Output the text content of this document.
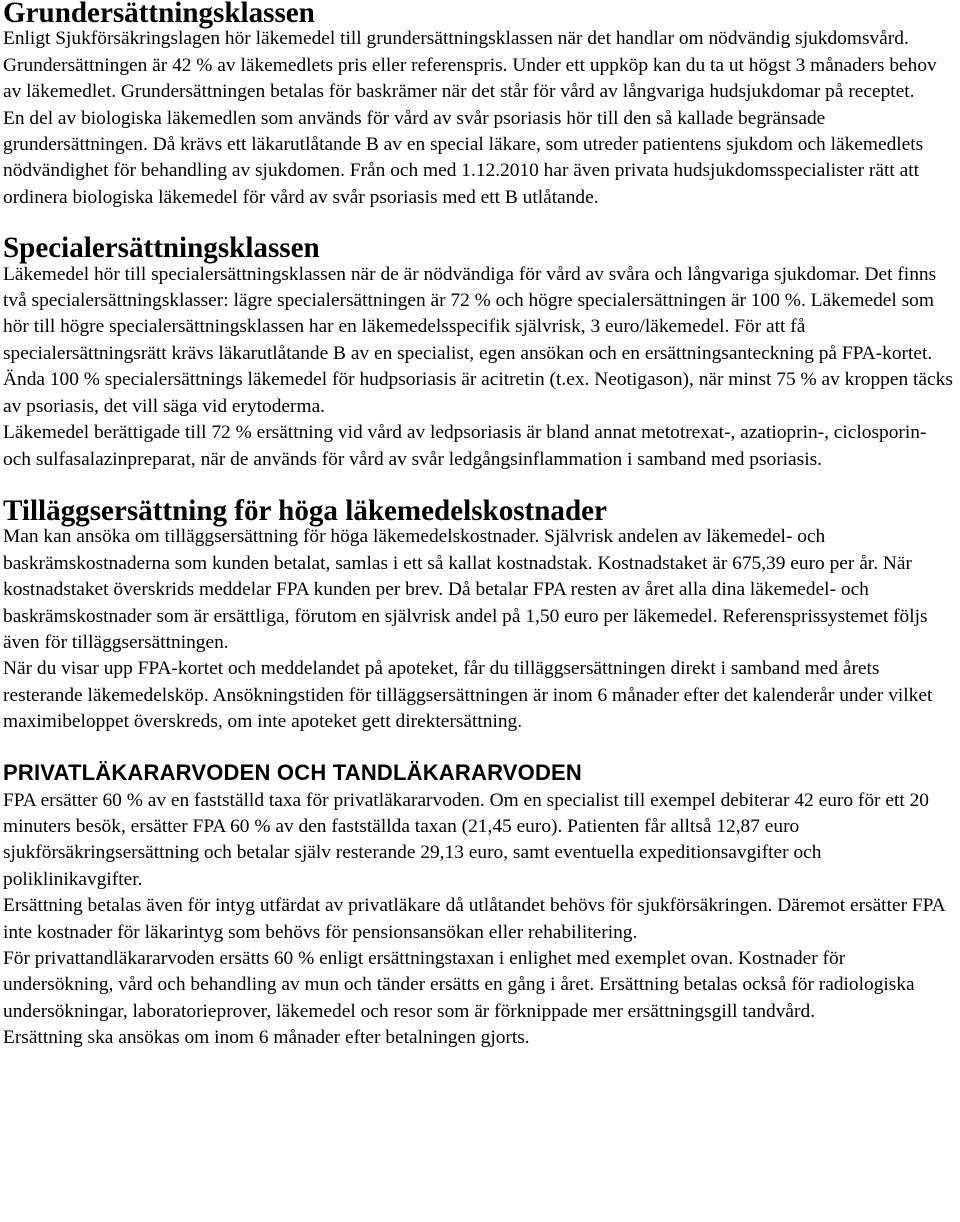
Grundersättningsklassen

Enligt Sjukförsäkringslagen hör läkemedel till grundersättningsklassen när det handlar om nödvändig sjukdomsvård. Grundersättningen är 42 % av läkemedlets pris eller referenspris. Under ett uppköp kan du ta ut högst 3 månaders behov av läkemedlet. Grundersättningen betalas för baskrämer när det står för vård av långvariga hudsjukdomar på receptet.

En del av biologiska läkemedlen som används för vård av svår psoriasis hör till den så kallade begränsade grundersättningen. Då krävs ett läkarutlåtande B av en special läkare, som utreder patientens sjukdom och läkemedlets nödvändighet för behandling av sjukdomen. Från och med 1.12.2010 har även privata hudsjukdomsspecialister rätt att ordinera biologiska läkemedel för vård av svår psoriasis med ett B utlåtande.

Specialersättningsklassen

Läkemedel hör till specialersättningsklassen när de är nödvändiga för vård av svåra och långvariga sjukdomar. Det finns två specialersättningsklasser: lägre specialersättningen är 72 % och högre specialersättningen är 100 %. Läkemedel som hör till högre specialersättningsklassen har en läkemedelsspecifik självrisk, 3 euro/läkemedel. För att få specialersättningsrätt krävs läkarutlåtande B av en specialist, egen ansökan och en ersättningsanteckning på FPA-kortet.

Ända 100 % specialersättnings läkemedel för hudpsoriasis är acitretin (t.ex. Neotigason), när minst 75 % av kroppen täcks av psoriasis, det vill säga vid erytoderma.

Läkemedel berättigade till 72 % ersättning vid vård av ledpsoriasis är bland annat metotrexat-, azatioprin-, ciclosporin- och sulfasalazinpreparat, när de används för vård av svår ledgångsinflammation i samband med psoriasis.

Tilläggsersättning för höga läkemedelskostnader

Man kan ansöka om tilläggsersättning för höga läkemedelskostnader. Självrisk andelen av läkemedel- och baskrämskostnaderna som kunden betalat, samlas i ett så kallat kostnadstak. Kostnadstaket är 675,39 euro per år. När kostnadstaket överskrids meddelar FPA kunden per brev. Då betalar FPA resten av året alla dina läkemedel- och baskrämskostnader som är ersättliga, förutom en självrisk andel på 1,50 euro per läkemedel. Referensprissystemet följs även för tilläggsersättningen.

När du visar upp FPA-kortet och meddelandet på apoteket, får du tilläggsersättningen direkt i samband med årets resterande läkemedelsköp. Ansökningstiden för tilläggsersättningen är inom 6 månader efter det kalenderår under vilket maximibeloppet överskreds, om inte apoteket gett direktersättning.

PRIVATLÄKARARVODEN OCH TANDLÄKARARVODEN

FPA ersätter 60 % av en fastställd taxa för privatläkararvoden. Om en specialist till exempel debiterar 42 euro för ett 20 minuters besök, ersätter FPA 60 % av den fastställda taxan (21,45 euro). Patienten får alltså 12,87 euro sjukförsäkringsersättning och betalar själv resterande 29,13 euro, samt eventuella expeditionsavgifter och poliklinikavgifter.

Ersättning betalas även för intyg utfärdat av privatläkare då utlåtandet behövs för sjukförsäkringen. Däremot ersätter FPA inte kostnader för läkarintyg som behövs för pensionsansökan eller rehabilitering.

För privattandläkararvoden ersätts 60 % enligt ersättningstaxan i enlighet med exemplet ovan. Kostnader för undersökning, vård och behandling av mun och tänder ersätts en gång i året. Ersättning betalas också för radiologiska undersökningar, laboratorieprover, läkemedel och resor som är förknippade mer ersättningsgill tandvård.

Ersättning ska ansökas om inom 6 månader efter betalningen gjorts.
